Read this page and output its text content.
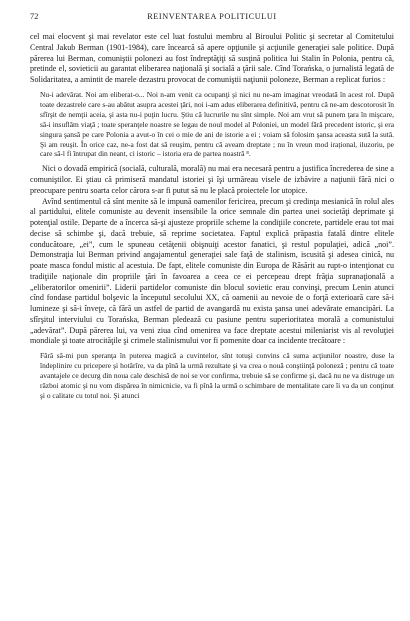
72	REINVENTAREA POLITICULUI

cel mai elocvent şi mai revelator este cel luat fostului membru al Biroului Politic şi secretar al Comitetului Central Jakub Berman (1901-1984), care încearcă să apere opţiunile şi acţiunile generaţiei sale politice. După părerea lui Berman, comuniştii polonezi au fost îndreptăţiţi să susţină politica lui Stalin în Polonia, pentru că, pretinde el, sovieticii au garantat eliberarea naţională şi socială a ţării sale. Cînd Torańska, o jurnalistă legată de Solidaritatea, a amintit de marele dezastru provocat de comuniştii naţiunii poloneze, Berman a replicat furios :

Nu-i adevărat. Noi am eliberat-o... Noi n-am venit ca ocupanţi şi nici nu ne-am imaginat vreodată în acest rol. După toate dezastrele care s-au abătut asupra acestei ţări, noi i-am adus eliberarea definitivă, pentru că ne-am descotorosit în sfîrşit de nemţii aceia, şi asta nu-i puţin lucru. Ştiu că lucrurile nu sînt simple. Noi am vrut să punem ţara în mişcare, să-i insuflăm viaţă ; toate speranţele noastre se legau de noul model al Poloniei, un model fără precedent istoric, şi era singura şansă pe care Polonia a avut-o în cei o mie de ani de istorie a ei ; voiam să folosim şansa aceasta sută la sută. Şi am reuşit. În orice caz, ne-a fost dat să reuşim, pentru că aveam dreptate ; nu în vreun mod irațional, iluzoriu, pe care să-l fi întrupat din neant, ci istoric – istoria era de partea noastră ⁸.

Nici o dovadă empirică (socială, culturală, morală) nu mai era necesară pentru a justifica încrederea de sine a comuniştilor. Ei ştiau că primiseră mandatul istoriei şi îşi urmăreau visele de izbăvire a naţiunii fără nici o preocupare pentru soarta celor cărora s-ar fi putut să nu le placă proiectele lor utopice.

Avînd sentimentul că sînt menite să le impună oamenilor fericirea, precum şi credinţa mesianică în rolul ales al partidului, elitele comuniste au devenit insensibile la orice semnale din partea unei societăţi deprimate şi potenţial ostile. Departe de a încerca să-şi ajusteze propriile scheme la condiţiile concrete, partidele erau tot mai decise să schimbe şi, dacă trebuie, să reprime societatea. Faptul explică prăpastia fatală dintre elitele conducătoare, „ei”, cum le spuneau cetăţenii obişnuiţi acestor fanatici, şi restul populaţiei, adică „noi”. Demonstraţia lui Berman privind angajamentul generaţiei sale faţă de stalinism, iscusită şi adesea cinică, nu poate masca fondul mistic al acestuia. De fapt, elitele comuniste din Europa de Răsărit au rupt-o intenţionat cu tradiţiile naţionale din propriile ţări în favoarea a ceea ce ei percepeau drept frăţia supranaţională a „eliberatorilor omenirii”. Liderii partidelor comuniste din blocul sovietic erau convinşi, precum Lenin atunci cînd fondase partidul bolşevic la începutul secolului XX, că oamenii au nevoie de o forţă exterioară care să-i lumineze şi să-i înveţe, că fără un astfel de partid de avangardă nu exista şansa unei adevărate emancipări. La sfîrşitul interviului cu Torańska, Berman pledează cu pasiune pentru superioritatea morală a comunistului „adevărat”. După părerea lui, va veni ziua cînd omenirea va face dreptate acestui mileniarist vis al revoluţiei mondiale şi toate atrocităţile şi crimele stalinismului vor fi pomenite doar ca incidente trecătoare :

Fără să-mi pun speranţa în puterea magică a cuvintelor, sînt totuşi convins că suma acţiunilor noastre, duse la îndeplinire cu pricepere şi hotărîre, va da pînă la urmă rezultate şi va crea o nouă conştiinţă poloneză ; pentru că toate avantajele ce decurg din noua cale deschisă de noi se vor confirma, trebuie să se confirme şi, dacă nu ne va distruge un război atomic şi nu vom dispărea în nimicnicie, va fi pînă la urmă o schimbare de mentalitate care îi va da un conţinut şi o calitate cu totul noi. Şi atunci
